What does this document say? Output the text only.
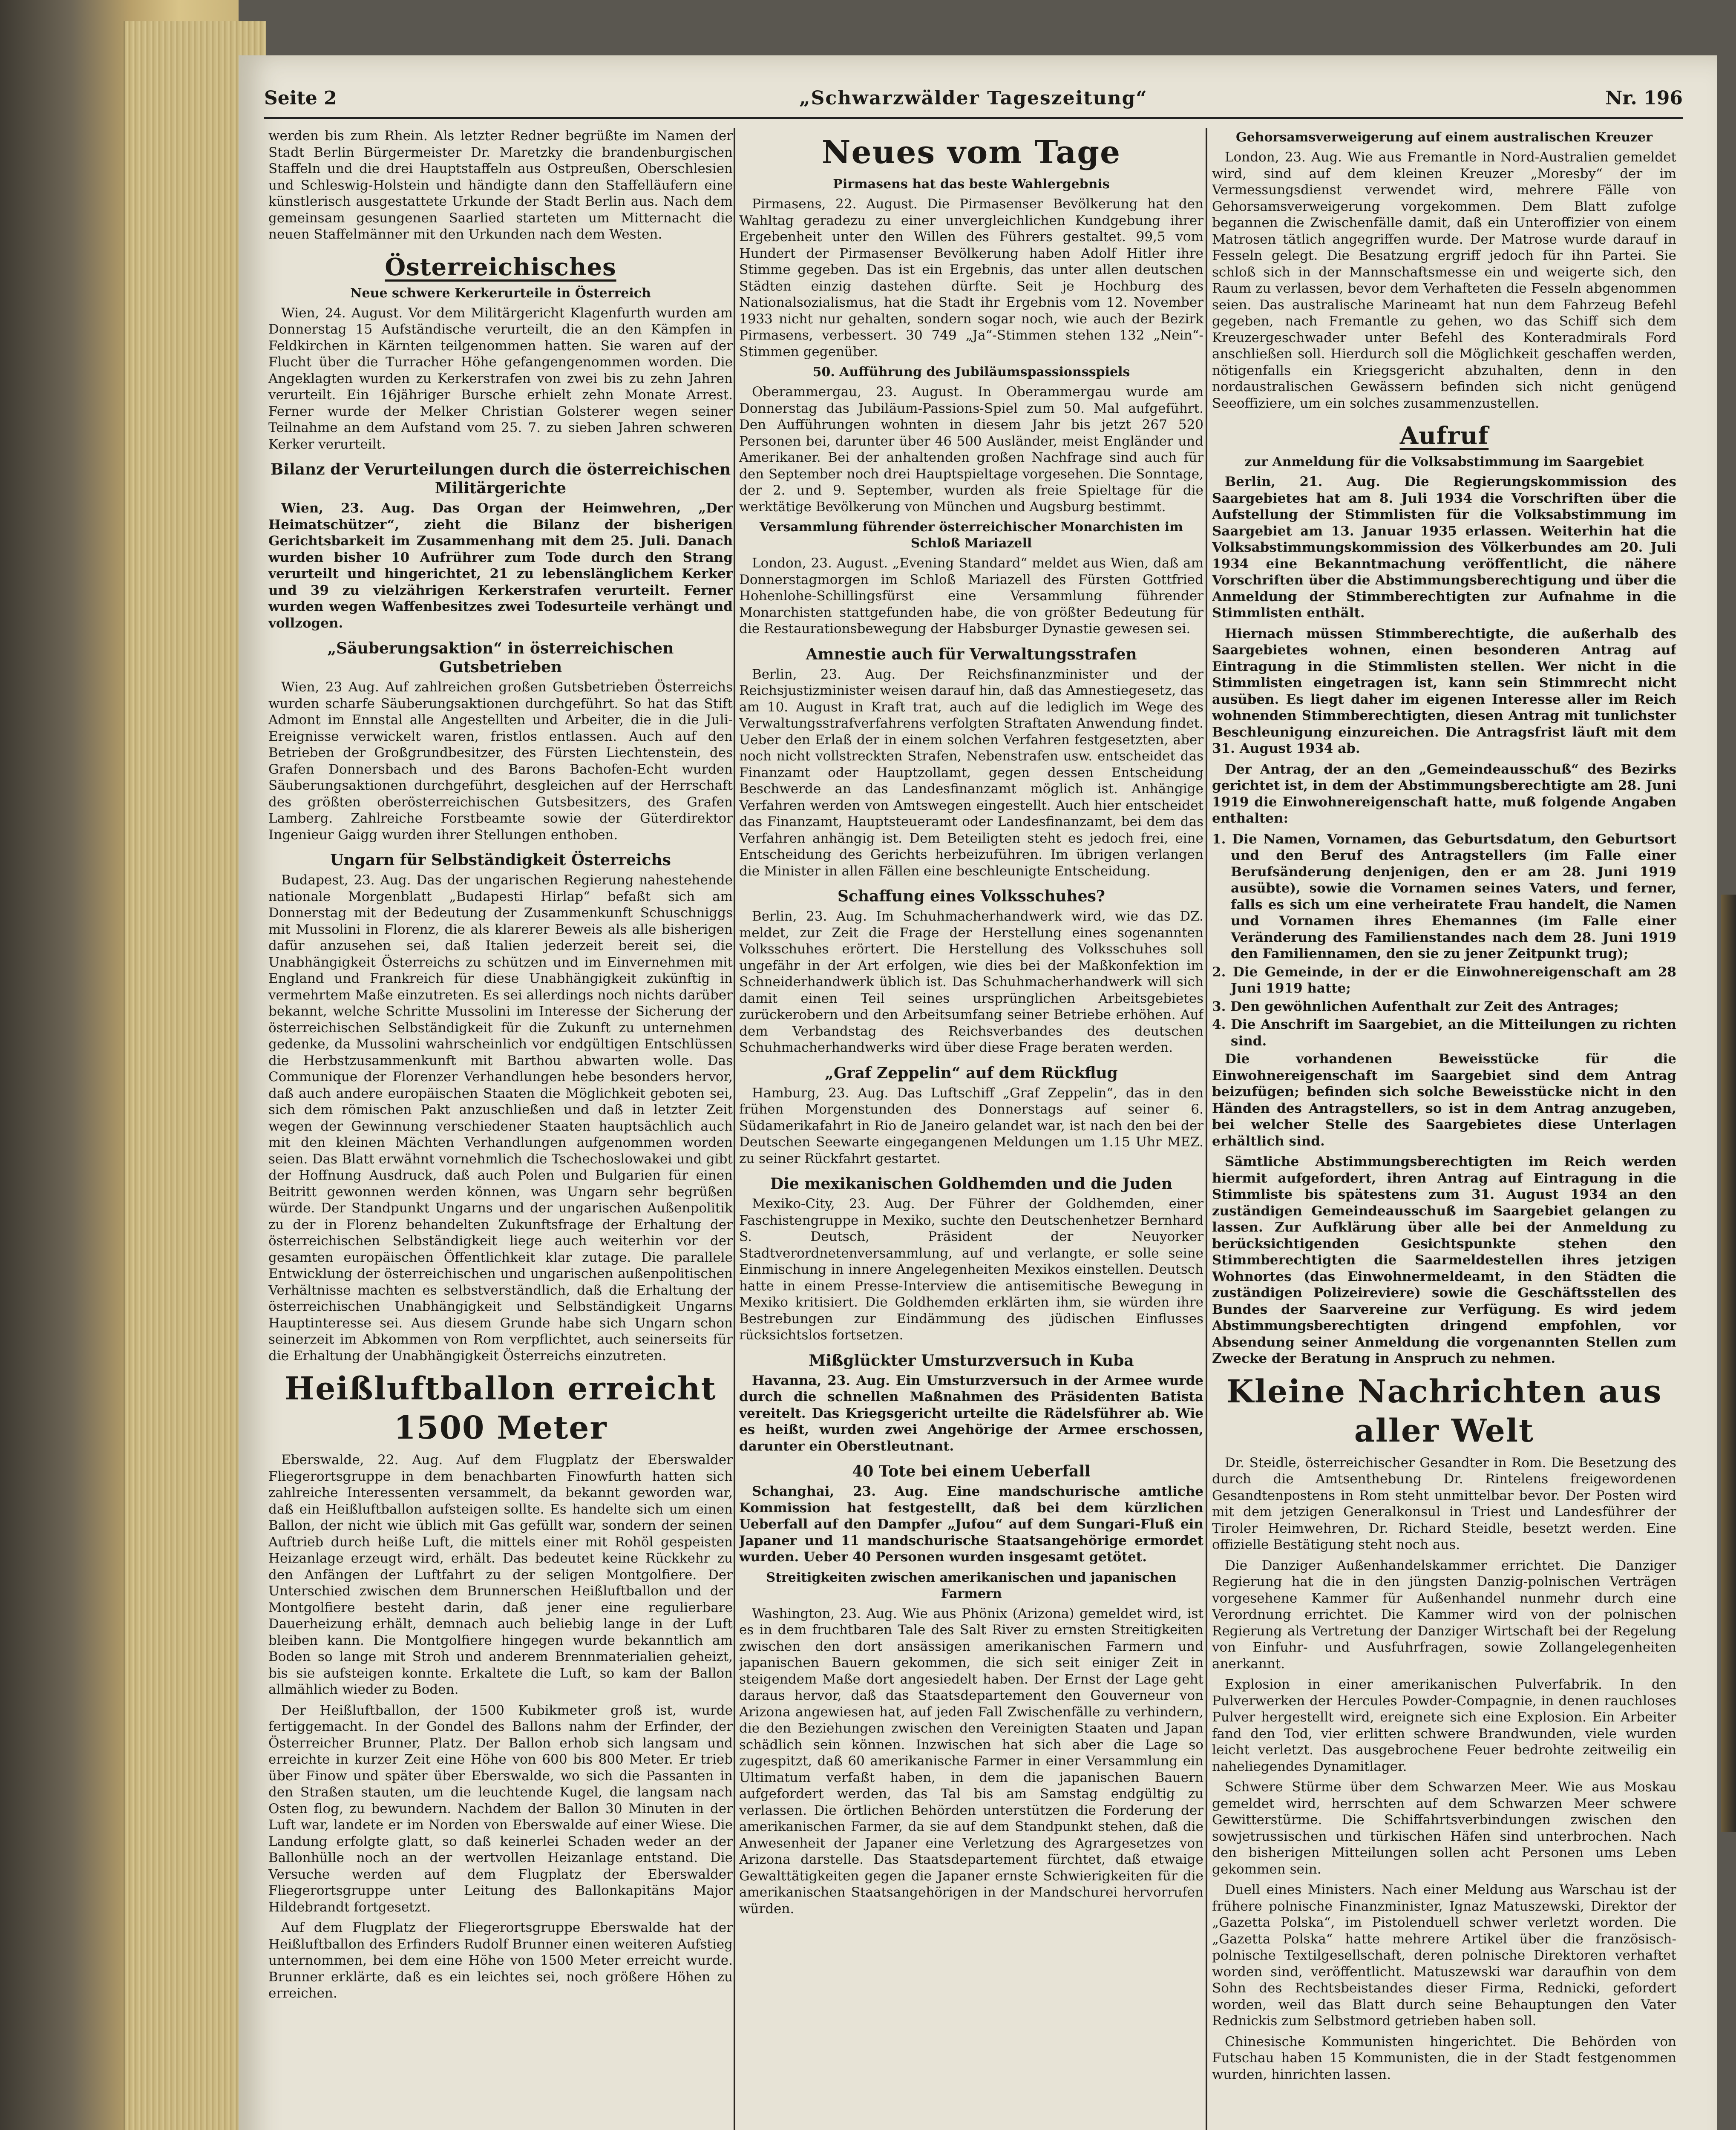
Seite 2	„Schwarzwälder Tageszeitung“	Nr. 196

werden bis zum Rhein. Als letzter Redner begrüßte im Namen der Stadt Berlin Bürgermeister Dr. Maretzky die brandenburgischen Staffeln und die drei Hauptstaffeln aus Ostpreußen, Oberschlesien und Schleswig-Holstein und händigte dann den Staffelläufern eine künstlerisch ausgestattete Urkunde der Stadt Berlin aus. Nach dem gemeinsam gesungenen Saarlied starteten um Mitternacht die neuen Staffelmänner mit den Urkunden nach dem Westen.

Österreichisches
Neue schwere Kerkerurteile in Österreich

Wien, 24. August. Vor dem Militärgericht Klagenfurth wurden am Donnerstag 15 Aufständische verurteilt, die an den Kämpfen in Feldkirchen in Kärnten teilgenommen hatten. Sie waren auf der Flucht über die Turracher Höhe gefangengenommen worden. Die Angeklagten wurden zu Kerkerstrafen von zwei bis zu zehn Jahren verurteilt. Ein 16jähriger Bursche erhielt zehn Monate Arrest. Ferner wurde der Melker Christian Golsterer wegen seiner Teilnahme an dem Aufstand vom 25. 7. zu sieben Jahren schweren Kerker verurteilt.

Bilanz der Verurteilungen durch die österreichischen Militärgerichte

Wien, 23. Aug. Das Organ der Heimwehren, „Der Heimatschützer“, zieht die Bilanz der bisherigen Gerichtsbarkeit im Zusammenhang mit dem 25. Juli. Danach wurden bisher 10 Aufrührer zum Tode durch den Strang verurteilt und hingerichtet, 21 zu lebenslänglichem Kerker und 39 zu vielzährigen Kerkerstrafen verurteilt. Ferner wurden wegen Waffenbesitzes zwei Todesurteile verhängt und vollzogen.

„Säuberungsaktion“ in österreichischen Gutsbetrieben

Wien, 23 Aug. Auf zahlreichen großen Gutsbetrieben Österreichs wurden scharfe Säuberungsaktionen durchgeführt. So hat das Stift Admont im Ennstal alle Angestellten und Arbeiter, die in die Juli-Ereignisse verwickelt waren, fristlos entlassen. Auch auf den Betrieben der Großgrundbesitzer, des Fürsten Liechtenstein, des Grafen Donnersbach und des Barons Bachofen-Echt wurden Säuberungsaktionen durchgeführt, desgleichen auf der Herrschaft des größten oberösterreichischen Gutsbesitzers, des Grafen Lamberg. Zahlreiche Forstbeamte sowie der Güterdirektor Ingenieur Gaigg wurden ihrer Stellungen enthoben.

Ungarn für Selbständigkeit Österreichs

Budapest, 23. Aug. Das der ungarischen Regierung nahestehende nationale Morgenblatt „Budapesti Hirlap“ befaßt sich am Donnerstag mit der Bedeutung der Zusammenkunft Schuschniggs mit Mussolini in Florenz, die als klarerer Beweis als alle bisherigen dafür anzusehen sei, daß Italien jederzeit bereit sei, die Unabhängigkeit Österreichs zu schützen und im Einvernehmen mit England und Frankreich für diese Unabhängigkeit zukünftig in vermehrtem Maße einzutreten. Es sei allerdings noch nichts darüber bekannt, welche Schritte Mussolini im Interesse der Sicherung der österreichischen Selbständigkeit für die Zukunft zu unternehmen gedenke, da Mussolini wahrscheinlich vor endgültigen Entschlüssen die Herbstzusammenkunft mit Barthou abwarten wolle. Das Communique der Florenzer Verhandlungen hebe besonders hervor, daß auch andere europäischen Staaten die Möglichkeit geboten sei, sich dem römischen Pakt anzuschließen und daß in letzter Zeit wegen der Gewinnung verschiedener Staaten hauptsächlich auch mit den kleinen Mächten Verhandlungen aufgenommen worden seien. Das Blatt erwähnt vornehmlich die Tschechoslowakei und gibt der Hoffnung Ausdruck, daß auch Polen und Bulgarien für einen Beitritt gewonnen werden können, was Ungarn sehr begrüßen würde. Der Standpunkt Ungarns und der ungarischen Außenpolitik zu der in Florenz behandelten Zukunftsfrage der Erhaltung der österreichischen Selbständigkeit liege auch weiterhin vor der gesamten europäischen Öffentlichkeit klar zutage. Die parallele Entwicklung der österreichischen und ungarischen außenpolitischen Verhältnisse machten es selbstverständlich, daß die Erhaltung der österreichischen Unabhängigkeit und Selbständigkeit Ungarns Hauptinteresse sei. Aus diesem Grunde habe sich Ungarn schon seinerzeit im Abkommen von Rom verpflichtet, auch seinerseits für die Erhaltung der Unabhängigkeit Österreichs einzutreten.

Heißluftballon erreicht 1500 Meter

Eberswalde, 22. Aug. Auf dem Flugplatz der Eberswalder Fliegerortsgruppe in dem benachbarten Finowfurth hatten sich zahlreiche Interessenten versammelt, da bekannt geworden war, daß ein Heißluftballon aufsteigen sollte. Es handelte sich um einen Ballon, der nicht wie üblich mit Gas gefüllt war, sondern der seinen Auftrieb durch heiße Luft, die mittels einer mit Rohöl gespeisten Heizanlage erzeugt wird, erhält. Das bedeutet keine Rückkehr zu den Anfängen der Luftfahrt zu der seligen Montgolfiere. Der Unterschied zwischen dem Brunnerschen Heißluftballon und der Montgolfiere besteht darin, daß jener eine regulierbare Dauerheizung erhält, demnach auch beliebig lange in der Luft bleiben kann. Die Montgolfiere hingegen wurde bekanntlich am Boden so lange mit Stroh und anderem Brennmaterialien geheizt, bis sie aufsteigen konnte. Erkaltete die Luft, so kam der Ballon allmählich wieder zu Boden.

Der Heißluftballon, der 1500 Kubikmeter groß ist, wurde fertiggemacht. In der Gondel des Ballons nahm der Erfinder, der Österreicher Brunner, Platz. Der Ballon erhob sich langsam und erreichte in kurzer Zeit eine Höhe von 600 bis 800 Meter. Er trieb über Finow und später über Eberswalde, wo sich die Passanten in den Straßen stauten, um die leuchtende Kugel, die langsam nach Osten flog, zu bewundern. Nachdem der Ballon 30 Minuten in der Luft war, landete er im Norden von Eberswalde auf einer Wiese. Die Landung erfolgte glatt, so daß keinerlei Schaden weder an der Ballonhülle noch an der wertvollen Heizanlage entstand. Die Versuche werden auf dem Flugplatz der Eberswalder Fliegerortsgruppe unter Leitung des Ballonkapitäns Major Hildebrandt fortgesetzt.

Auf dem Flugplatz der Fliegerortsgruppe Eberswalde hat der Heißluftballon des Erfinders Rudolf Brunner einen weiteren Aufstieg unternommen, bei dem eine Höhe von 1500 Meter erreicht wurde. Brunner erklärte, daß es ein leichtes sei, noch größere Höhen zu erreichen.

Neues vom Tage
Pirmasens hat das beste Wahlergebnis

Pirmasens, 22. August. Die Pirmasenser Bevölkerung hat den Wahltag geradezu zu einer unvergleichlichen Kundgebung ihrer Ergebenheit unter den Willen des Führers gestaltet. 99,5 vom Hundert der Pirmasenser Bevölkerung haben Adolf Hitler ihre Stimme gegeben. Das ist ein Ergebnis, das unter allen deutschen Städten einzig dastehen dürfte. Seit je Hochburg des Nationalsozialismus, hat die Stadt ihr Ergebnis vom 12. November 1933 nicht nur gehalten, sondern sogar noch, wie auch der Bezirk Pirmasens, verbessert. 30 749 „Ja“-Stimmen stehen 132 „Nein“-Stimmen gegenüber.

50. Aufführung des Jubiläumspassionsspiels

Oberammergau, 23. August. In Oberammergau wurde am Donnerstag das Jubiläum-Passions-Spiel zum 50. Mal aufgeführt. Den Aufführungen wohnten in diesem Jahr bis jetzt 267 520 Personen bei, darunter über 46 500 Ausländer, meist Engländer und Amerikaner. Bei der anhaltenden großen Nachfrage sind auch für den September noch drei Hauptspieltage vorgesehen. Die Sonntage, der 2. und 9. September, wurden als freie Spieltage für die werktätige Bevölkerung von München und Augsburg bestimmt.

Versammlung führender österreichischer Monarchisten im Schloß Mariazell

London, 23. August. „Evening Standard“ meldet aus Wien, daß am Donnerstagmorgen im Schloß Mariazell des Fürsten Gottfried Hohenlohe-Schillingsfürst eine Versammlung führender Monarchisten stattgefunden habe, die von größter Bedeutung für die Restaurationsbewegung der Habsburger Dynastie gewesen sei.

Amnestie auch für Verwaltungsstrafen

Berlin, 23. Aug. Der Reichsfinanzminister und der Reichsjustizminister weisen darauf hin, daß das Amnestiegesetz, das am 10. August in Kraft trat, auch auf die lediglich im Wege des Verwaltungsstrafverfahrens verfolgten Straftaten Anwendung findet. Ueber den Erlaß der in einem solchen Verfahren festgesetzten, aber noch nicht vollstreckten Strafen, Nebenstrafen usw. entscheidet das Finanzamt oder Hauptzollamt, gegen dessen Entscheidung Beschwerde an das Landesfinanzamt möglich ist. Anhängige Verfahren werden von Amtswegen eingestellt. Auch hier entscheidet das Finanzamt, Hauptsteueramt oder Landesfinanzamt, bei dem das Verfahren anhängig ist. Dem Beteiligten steht es jedoch frei, eine Entscheidung des Gerichts herbeizuführen. Im übrigen verlangen die Minister in allen Fällen eine beschleunigte Entscheidung.

Schaffung eines Volksschuhes?

Berlin, 23. Aug. Im Schuhmacherhandwerk wird, wie das DZ. meldet, zur Zeit die Frage der Herstellung eines sogenannten Volksschuhes erörtert. Die Herstellung des Volksschuhes soll ungefähr in der Art erfolgen, wie dies bei der Maßkonfektion im Schneiderhandwerk üblich ist. Das Schuhmacherhandwerk will sich damit einen Teil seines ursprünglichen Arbeitsgebietes zurückerobern und den Arbeitsumfang seiner Betriebe erhöhen. Auf dem Verbandstag des Reichsverbandes des deutschen Schuhmacherhandwerks wird über diese Frage beraten werden.

„Graf Zeppelin“ auf dem Rückflug

Hamburg, 23. Aug. Das Luftschiff „Graf Zeppelin“, das in den frühen Morgenstunden des Donnerstags auf seiner 6. Südamerikafahrt in Rio de Janeiro gelandet war, ist nach den bei der Deutschen Seewarte eingegangenen Meldungen um 1.15 Uhr MEZ. zu seiner Rückfahrt gestartet.

Die mexikanischen Goldhemden und die Juden

Mexiko-City, 23. Aug. Der Führer der Goldhemden, einer Faschistengruppe in Mexiko, suchte den Deutschenhetzer Bernhard S. Deutsch, Präsident der Neuyorker Stadtverordnetenversammlung, auf und verlangte, er solle seine Einmischung in innere Angelegenheiten Mexikos einstellen. Deutsch hatte in einem Presse-Interview die antisemitische Bewegung in Mexiko kritisiert. Die Goldhemden erklärten ihm, sie würden ihre Bestrebungen zur Eindämmung des jüdischen Einflusses rücksichtslos fortsetzen.

Mißglückter Umsturzversuch in Kuba

Havanna, 23. Aug. Ein Umsturzversuch in der Armee wurde durch die schnellen Maßnahmen des Präsidenten Batista vereitelt. Das Kriegsgericht urteilte die Rädelsführer ab. Wie es heißt, wurden zwei Angehörige der Armee erschossen, darunter ein Oberstleutnant.

40 Tote bei einem Ueberfall

Schanghai, 23. Aug. Eine mandschurische amtliche Kommission hat festgestellt, daß bei dem kürzlichen Ueberfall auf den Dampfer „Jufou“ auf dem Sungari-Fluß ein Japaner und 11 mandschurische Staatsangehörige ermordet wurden. Ueber 40 Personen wurden insgesamt getötet.

Streitigkeiten zwischen amerikanischen und japanischen Farmern

Washington, 23. Aug. Wie aus Phönix (Arizona) gemeldet wird, ist es in dem fruchtbaren Tale des Salt River zu ernsten Streitigkeiten zwischen den dort ansässigen amerikanischen Farmern und japanischen Bauern gekommen, die sich seit einiger Zeit in steigendem Maße dort angesiedelt haben. Der Ernst der Lage geht daraus hervor, daß das Staatsdepartement den Gouverneur von Arizona angewiesen hat, auf jeden Fall Zwischenfälle zu verhindern, die den Beziehungen zwischen den Vereinigten Staaten und Japan schädlich sein können. Inzwischen hat sich aber die Lage so zugespitzt, daß 60 amerikanische Farmer in einer Versammlung ein Ultimatum verfaßt haben, in dem die japanischen Bauern aufgefordert werden, das Tal bis am Samstag endgültig zu verlassen. Die örtlichen Behörden unterstützen die Forderung der amerikanischen Farmer, da sie auf dem Standpunkt stehen, daß die Anwesenheit der Japaner eine Verletzung des Agrargesetzes von Arizona darstelle. Das Staatsdepartement fürchtet, daß etwaige Gewalttätigkeiten gegen die Japaner ernste Schwierigkeiten für die amerikanischen Staatsangehörigen in der Mandschurei hervorrufen würden.

Gehorsamsverweigerung auf einem australischen Kreuzer

London, 23. Aug. Wie aus Fremantle in Nord-Australien gemeldet wird, sind auf dem kleinen Kreuzer „Moresby“ der im Vermessungsdienst verwendet wird, mehrere Fälle von Gehorsamsverweigerung vorgekommen. Dem Blatt zufolge begannen die Zwischenfälle damit, daß ein Unteroffizier von einem Matrosen tätlich angegriffen wurde. Der Matrose wurde darauf in Fesseln gelegt. Die Besatzung ergriff jedoch für ihn Partei. Sie schloß sich in der Mannschaftsmesse ein und weigerte sich, den Raum zu verlassen, bevor dem Verhafteten die Fesseln abgenommen seien. Das australische Marineamt hat nun dem Fahrzeug Befehl gegeben, nach Fremantle zu gehen, wo das Schiff sich dem Kreuzergeschwader unter Befehl des Konteradmirals Ford anschließen soll. Hierdurch soll die Möglichkeit geschaffen werden, nötigenfalls ein Kriegsgericht abzuhalten, denn in den nordaustralischen Gewässern befinden sich nicht genügend Seeoffiziere, um ein solches zusammenzustellen.

Aufruf
zur Anmeldung für die Volksabstimmung im Saargebiet

Berlin, 21. Aug. Die Regierungskommission des Saargebietes hat am 8. Juli 1934 die Vorschriften über die Aufstellung der Stimmlisten für die Volksabstimmung im Saargebiet am 13. Januar 1935 erlassen. Weiterhin hat die Volksabstimmungskommission des Völkerbundes am 20. Juli 1934 eine Bekanntmachung veröffentlicht, die nähere Vorschriften über die Abstimmungsberechtigung und über die Anmeldung der Stimmberechtigten zur Aufnahme in die Stimmlisten enthält.

Hiernach müssen Stimmberechtigte, die außerhalb des Saargebietes wohnen, einen besonderen Antrag auf Eintragung in die Stimmlisten stellen. Wer nicht in die Stimmlisten eingetragen ist, kann sein Stimmrecht nicht ausüben. Es liegt daher im eigenen Interesse aller im Reich wohnenden Stimmberechtigten, diesen Antrag mit tunlichster Beschleunigung einzureichen. Die Antragsfrist läuft mit dem 31. August 1934 ab.

Der Antrag, der an den „Gemeindeausschuß“ des Bezirks gerichtet ist, in dem der Abstimmungsberechtigte am 28. Juni 1919 die Einwohnereigenschaft hatte, muß folgende Angaben enthalten:

1. Die Namen, Vornamen, das Geburtsdatum, den Geburtsort und den Beruf des Antragstellers (im Falle einer Berufsänderung denjenigen, den er am 28. Juni 1919 ausübte), sowie die Vornamen seines Vaters, und ferner, falls es sich um eine verheiratete Frau handelt, die Namen und Vornamen ihres Ehemannes (im Falle einer Veränderung des Familienstandes nach dem 28. Juni 1919 den Familiennamen, den sie zu jener Zeitpunkt trug);
2. Die Gemeinde, in der er die Einwohnereigenschaft am 28 Juni 1919 hatte;
3. Den gewöhnlichen Aufenthalt zur Zeit des Antrages;
4. Die Anschrift im Saargebiet, an die Mitteilungen zu richten sind.

Die vorhandenen Beweisstücke für die Einwohnereigenschaft im Saargebiet sind dem Antrag beizufügen; befinden sich solche Beweisstücke nicht in den Händen des Antragstellers, so ist in dem Antrag anzugeben, bei welcher Stelle des Saargebietes diese Unterlagen erhältlich sind.

Sämtliche Abstimmungsberechtigten im Reich werden hiermit aufgefordert, ihren Antrag auf Eintragung in die Stimmliste bis spätestens zum 31. August 1934 an den zuständigen Gemeindeausschuß im Saargebiet gelangen zu lassen. Zur Aufklärung über alle bei der Anmeldung zu berücksichtigenden Gesichtspunkte stehen den Stimmberechtigten die Saarmeldestellen ihres jetzigen Wohnortes (das Einwohnermeldeamt, in den Städten die zuständigen Polizeireviere) sowie die Geschäftsstellen des Bundes der Saarvereine zur Verfügung. Es wird jedem Abstimmungsberechtigten dringend empfohlen, vor Absendung seiner Anmeldung die vorgenannten Stellen zum Zwecke der Beratung in Anspruch zu nehmen.

Kleine Nachrichten aus aller Welt

Dr. Steidle, österreichischer Gesandter in Rom. Die Besetzung des durch die Amtsenthebung Dr. Rintelens freigewordenen Gesandtenpostens in Rom steht unmittelbar bevor. Der Posten wird mit dem jetzigen Generalkonsul in Triest und Landesführer der Tiroler Heimwehren, Dr. Richard Steidle, besetzt werden. Eine offizielle Bestätigung steht noch aus.

Die Danziger Außenhandelskammer errichtet. Die Danziger Regierung hat die in den jüngsten Danzig-polnischen Verträgen vorgesehene Kammer für Außenhandel nunmehr durch eine Verordnung errichtet. Die Kammer wird von der polnischen Regierung als Vertretung der Danziger Wirtschaft bei der Regelung von Einfuhr- und Ausfuhrfragen, sowie Zollangelegenheiten anerkannt.

Explosion in einer amerikanischen Pulverfabrik. In den Pulverwerken der Hercules Powder-Compagnie, in denen rauchloses Pulver hergestellt wird, ereignete sich eine Explosion. Ein Arbeiter fand den Tod, vier erlitten schwere Brandwunden, viele wurden leicht verletzt. Das ausgebrochene Feuer bedrohte zeitweilig ein naheliegendes Dynamitlager.

Schwere Stürme über dem Schwarzen Meer. Wie aus Moskau gemeldet wird, herrschten auf dem Schwarzen Meer schwere Gewitterstürme. Die Schiffahrtsverbindungen zwischen den sowjetrussischen und türkischen Häfen sind unterbrochen. Nach den bisherigen Mitteilungen sollen acht Personen ums Leben gekommen sein.

Duell eines Ministers. Nach einer Meldung aus Warschau ist der frühere polnische Finanzminister, Ignaz Matuszewski, Direktor der „Gazetta Polska“, im Pistolenduell schwer verletzt worden. Die „Gazetta Polska“ hatte mehrere Artikel über die französisch-polnische Textilgesellschaft, deren polnische Direktoren verhaftet worden sind, veröffentlicht. Matuszewski war daraufhin von dem Sohn des Rechtsbeistandes dieser Firma, Rednicki, gefordert worden, weil das Blatt durch seine Behauptungen den Vater Rednickis zum Selbstmord getrieben haben soll.

Chinesische Kommunisten hingerichtet. Die Behörden von Futschau haben 15 Kommunisten, die in der Stadt festgenommen wurden, hinrichten lassen.
